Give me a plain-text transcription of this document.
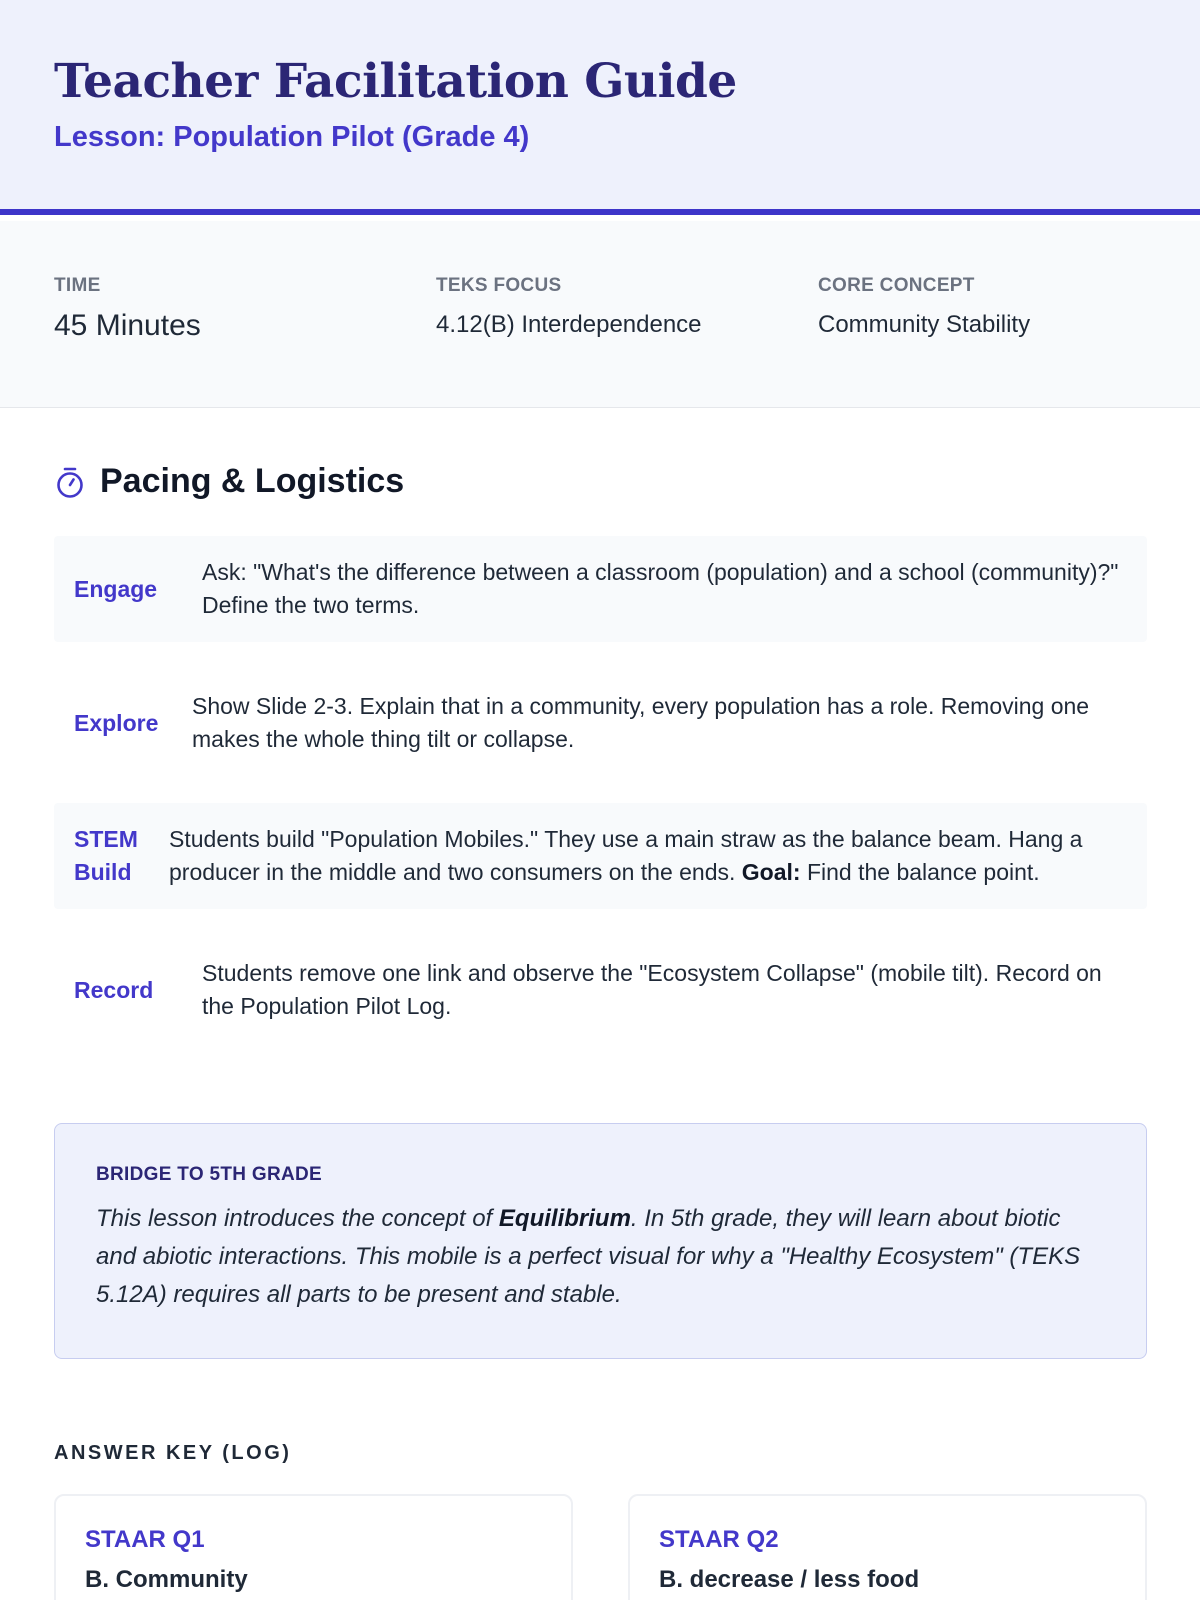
Teacher Facilitation Guide
Lesson: Population Pilot (Grade 4)
TIME
45 Minutes
TEKS FOCUS
4.12(B) Interdependence
CORE CONCEPT
Community Stability
Pacing & Logistics
Engage
Ask: "What's the difference between a classroom (population) and a school (community)?" Define the two terms.
Explore
Show Slide 2-3. Explain that in a community, every population has a role. Removing one makes the whole thing tilt or collapse.
STEM
Build
Students build "Population Mobiles." They use a main straw as the balance beam. Hang a producer in the middle and two consumers on the ends. Goal: Find the balance point.
Record
Students remove one link and observe the "Ecosystem Collapse" (mobile tilt). Record on the Population Pilot Log.
BRIDGE TO 5TH GRADE
This lesson introduces the concept of Equilibrium. In 5th grade, they will learn about biotic and abiotic interactions. This mobile is a perfect visual for why a "Healthy Ecosystem" (TEKS 5.12A) requires all parts to be present and stable.
ANSWER KEY (LOG)
STAAR Q1
B. Community
STAAR Q2
B. decrease / less food
